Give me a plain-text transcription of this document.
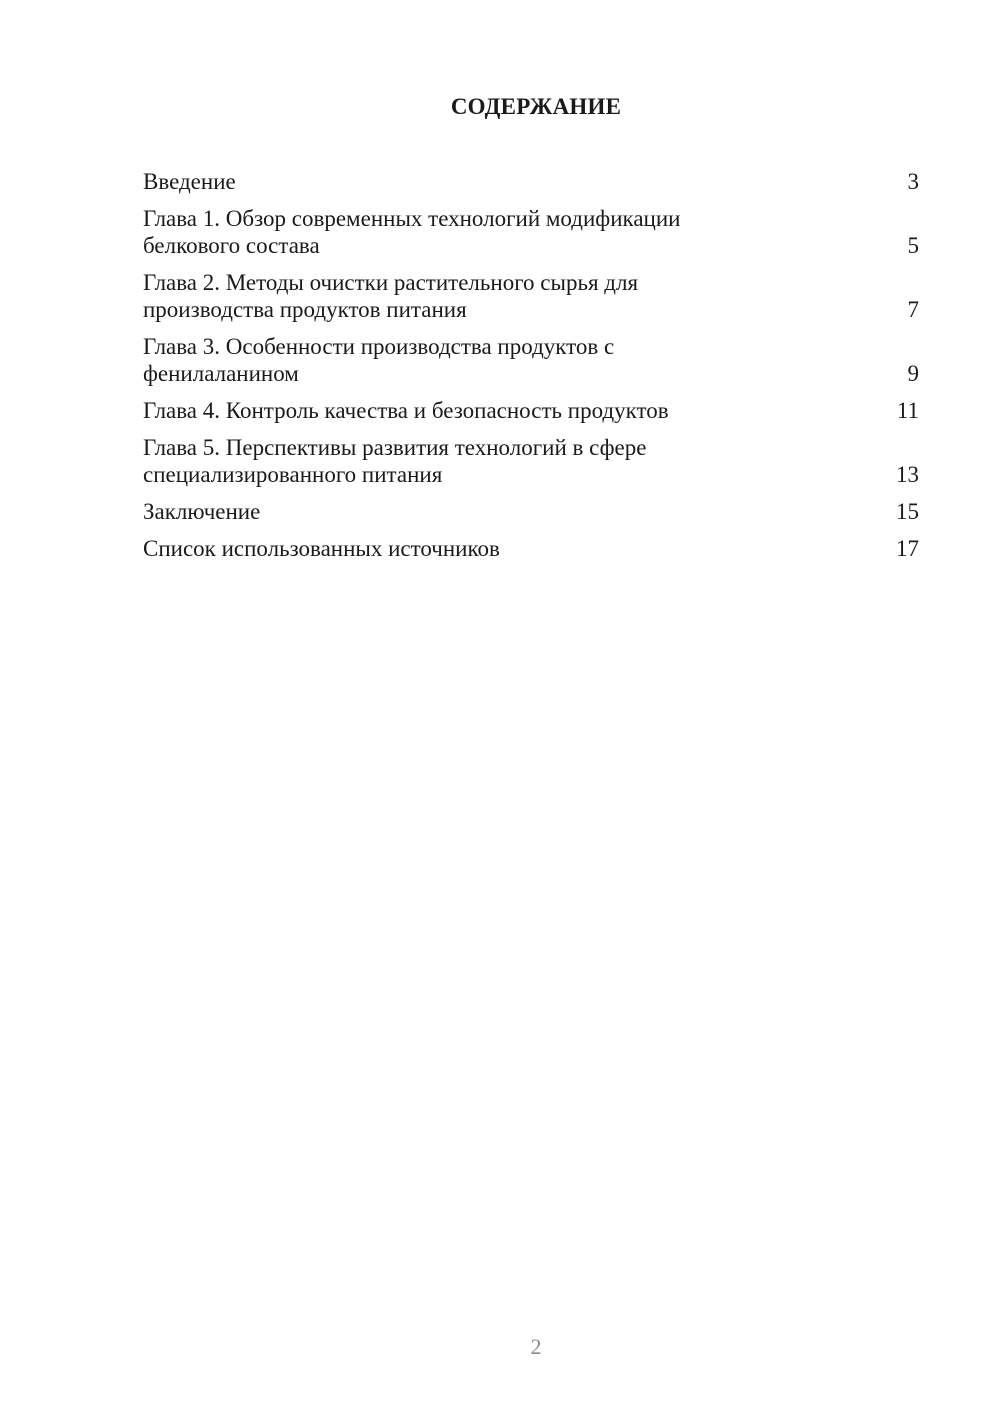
СОДЕРЖАНИЕ
Введение	3
Глава 1. Обзор современных технологий модификации
белкового состава	5
Глава 2. Методы очистки растительного сырья для
производства продуктов питания	7
Глава 3. Особенности производства продуктов с
фенилаланином	9
Глава 4. Контроль качества и безопасность продуктов	11
Глава 5. Перспективы развития технологий в сфере
специализированного питания	13
Заключение	15
Список использованных источников	17
2
